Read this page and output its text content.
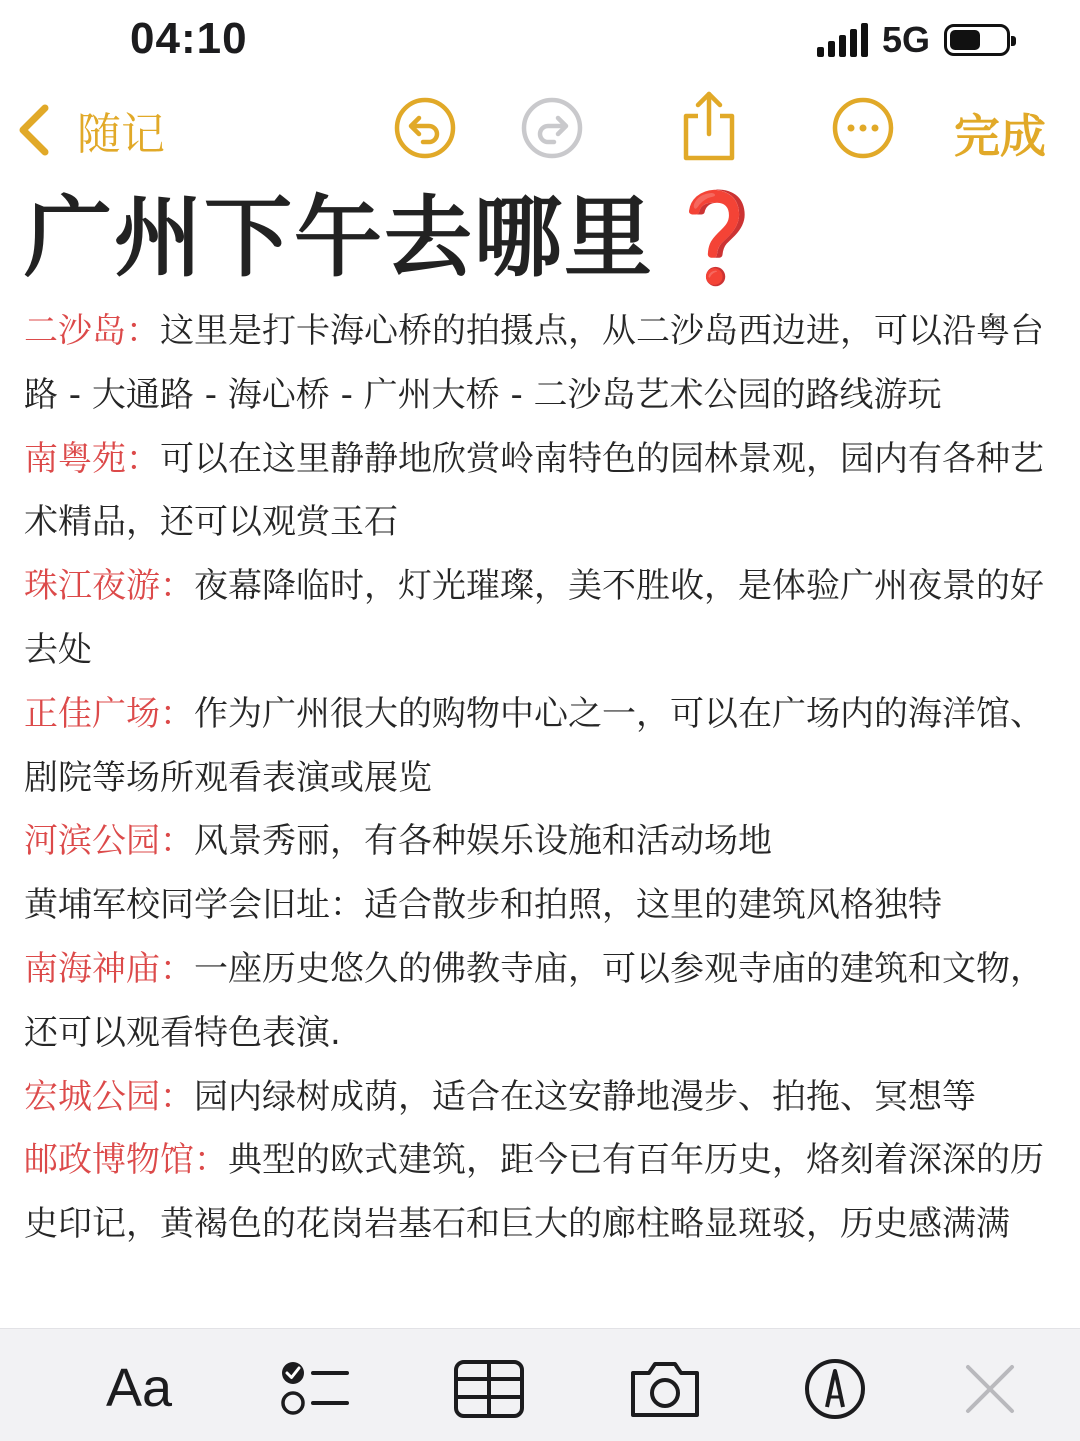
04:10	5G
随记	完成
广州下午去哪里❓
二沙岛：这里是打卡海心桥的拍摄点，从二沙岛西边进，可以沿粤台路 - 大通路 - 海心桥 - 广州大桥 - 二沙岛艺术公园的路线游玩
南粤苑：可以在这里静静地欣赏岭南特色的园林景观，园内有各种艺术精品，还可以观赏玉石
珠江夜游：夜幕降临时，灯光璀璨，美不胜收，是体验广州夜景的好去处
正佳广场：作为广州很大的购物中心之一，可以在广场内的海洋馆、剧院等场所观看表演或展览
河滨公园：风景秀丽，有各种娱乐设施和活动场地
黄埔军校同学会旧址：适合散步和拍照，这里的建筑风格独特
南海神庙：一座历史悠久的佛教寺庙，可以参观寺庙的建筑和文物，还可以观看特色表演.
宏城公园：园内绿树成荫，适合在这安静地漫步、拍拖、冥想等
邮政博物馆：典型的欧式建筑，距今已有百年历史，烙刻着深深的历史印记，黄褐色的花岗岩基石和巨大的廊柱略显斑驳，历史感满满
Aa
